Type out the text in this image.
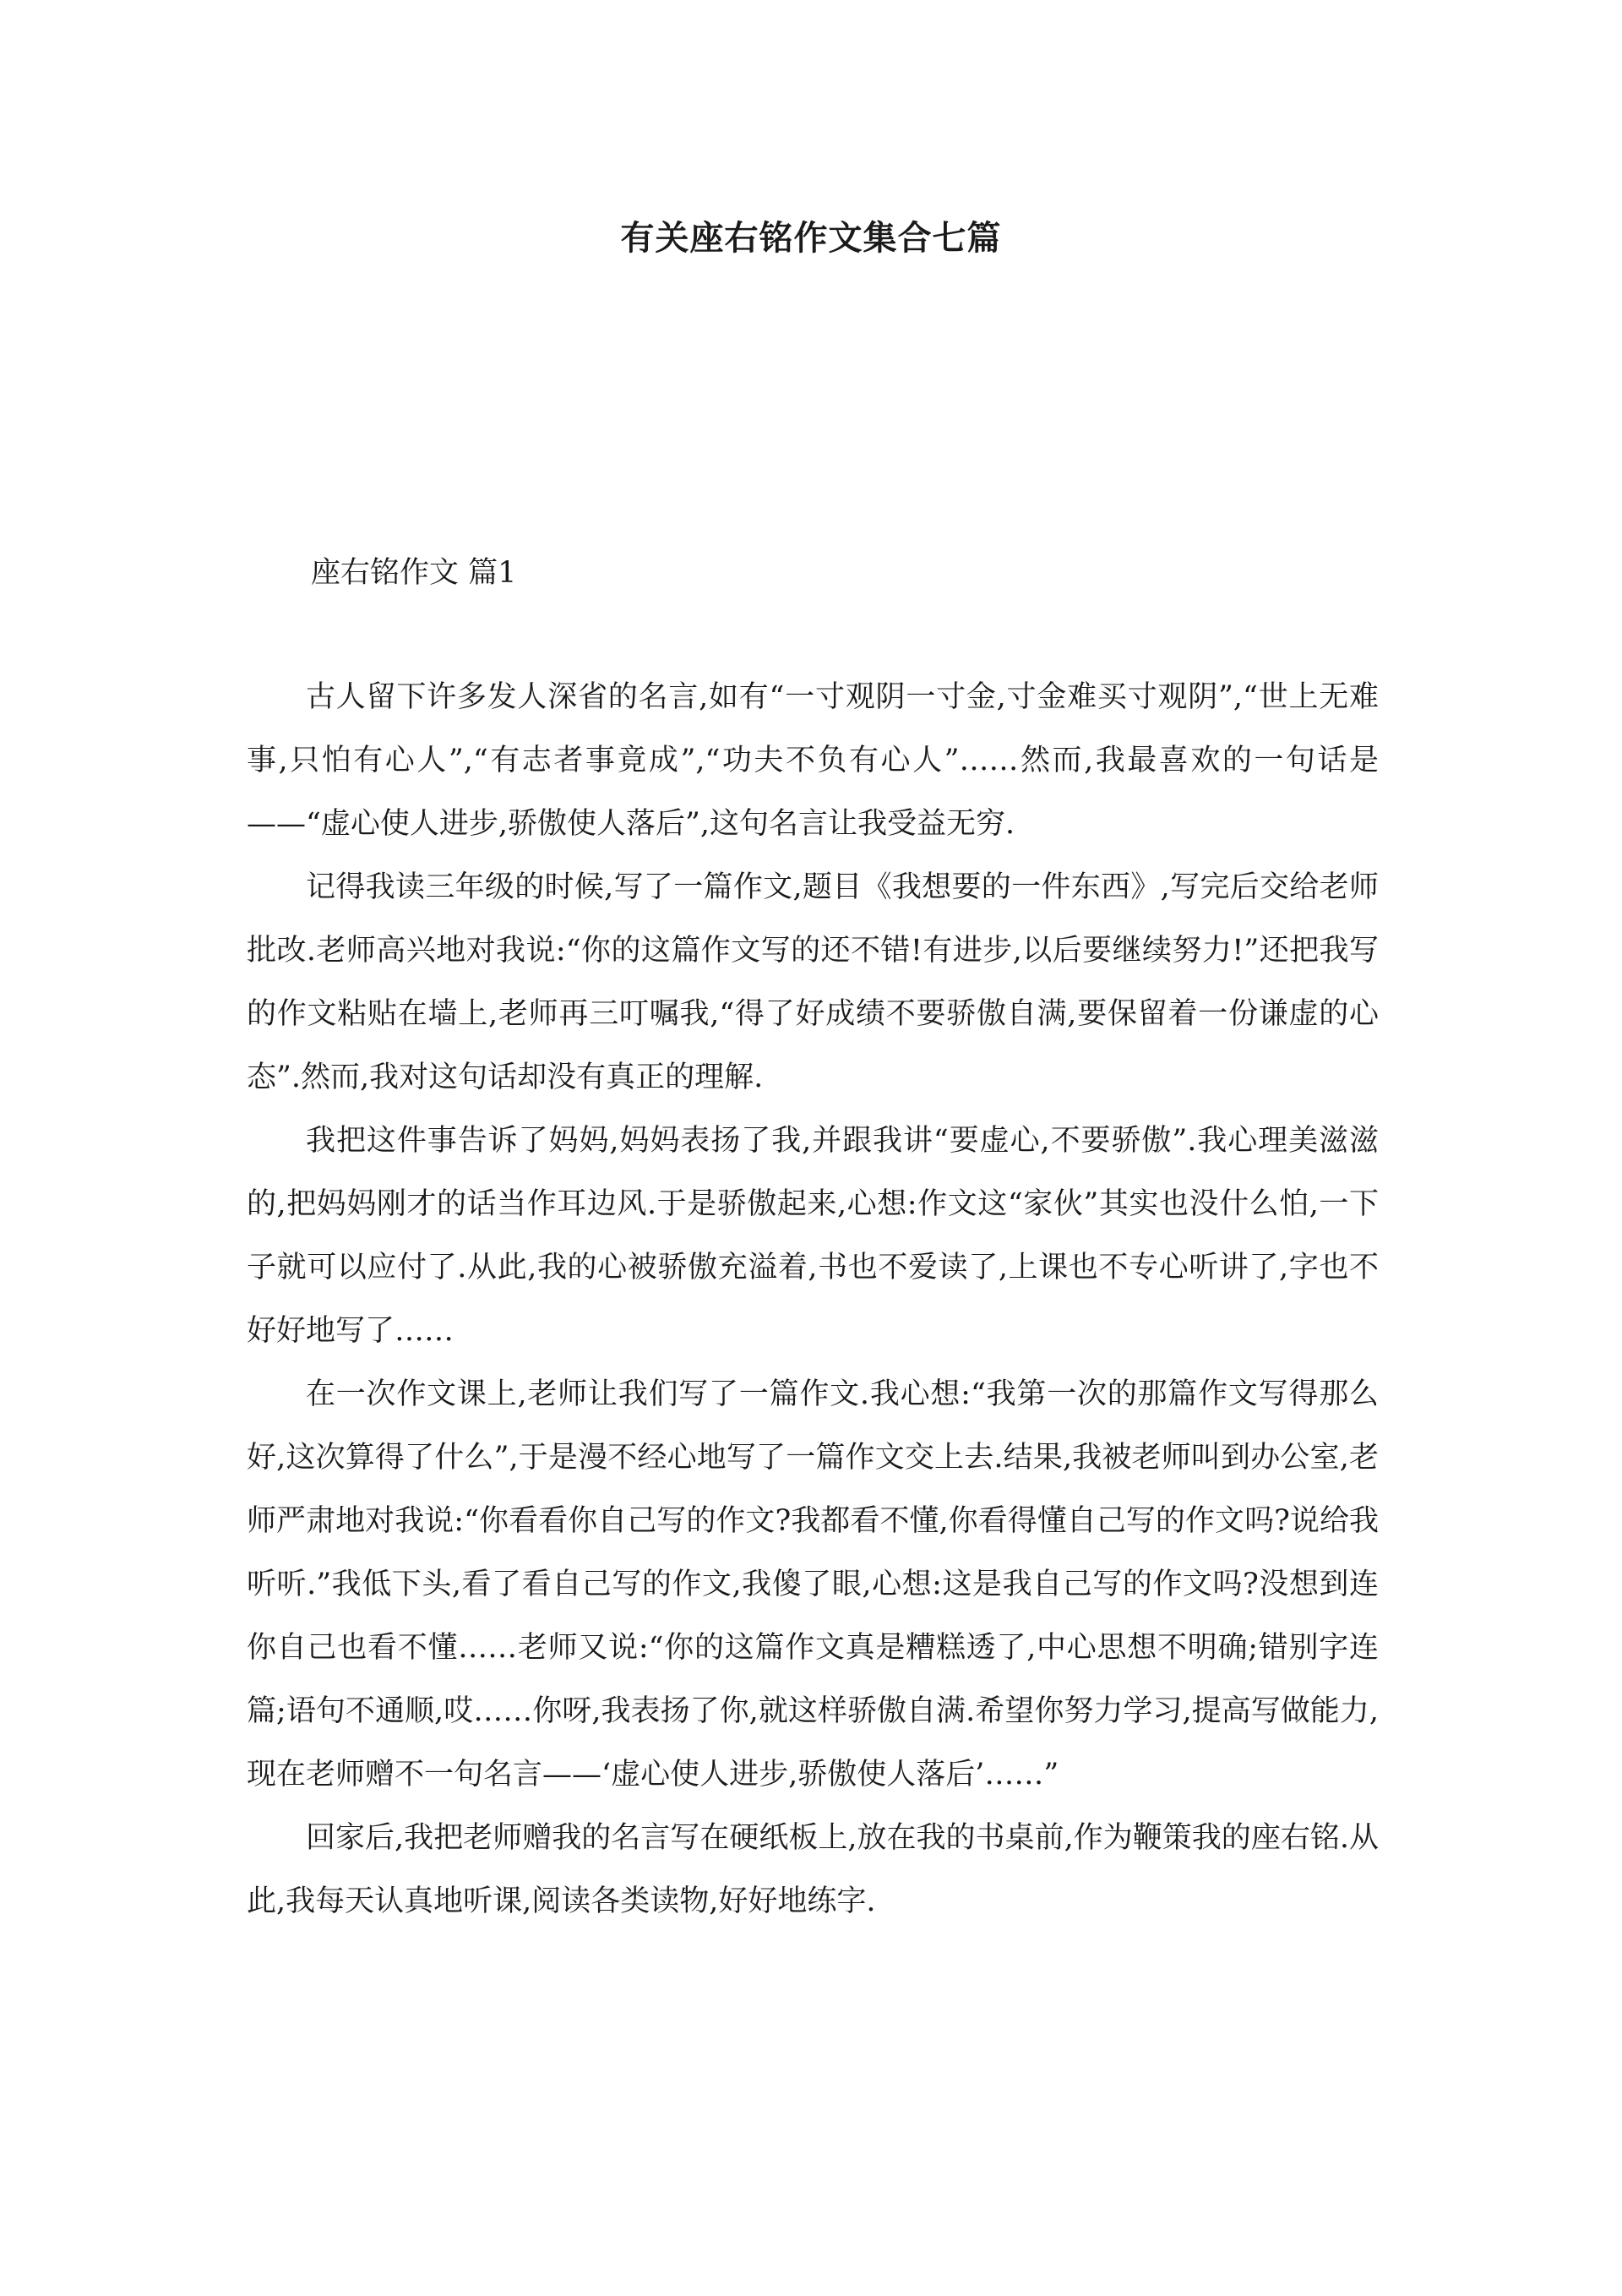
有关座右铭作文集合七篇
座右铭作文 篇1

古人留下许多发人深省的名言,如有“一寸观阴一寸金,寸金难买寸观阴”,“世上无难事,只怕有心人”,“有志者事竟成”,“功夫不负有心人”……然而,我最喜欢的一句话是——“虚心使人进步,骄傲使人落后”,这句名言让我受益无穷.

记得我读三年级的时候,写了一篇作文,题目《我想要的一件东西》,写完后交给老师批改.老师高兴地对我说:“你的这篇作文写的还不错!有进步,以后要继续努力!”还把我写的作文粘贴在墙上,老师再三叮嘱我,“得了好成绩不要骄傲自满,要保留着一份谦虚的心态”.然而,我对这句话却没有真正的理解.

我把这件事告诉了妈妈,妈妈表扬了我,并跟我讲“要虚心,不要骄傲”.我心理美滋滋的,把妈妈刚才的话当作耳边风.于是骄傲起来,心想:作文这“家伙”其实也没什么怕,一下子就可以应付了.从此,我的心被骄傲充溢着,书也不爱读了,上课也不专心听讲了,字也不好好地写了……

在一次作文课上,老师让我们写了一篇作文.我心想:“我第一次的那篇作文写得那么好,这次算得了什么”,于是漫不经心地写了一篇作文交上去.结果,我被老师叫到办公室,老师严肃地对我说:“你看看你自己写的作文?我都看不懂,你看得懂自己写的作文吗?说给我听听.”我低下头,看了看自己写的作文,我傻了眼,心想:这是我自己写的作文吗?没想到连你自己也看不懂……老师又说:“你的这篇作文真是糟糕透了,中心思想不明确;错别字连篇;语句不通顺,哎……你呀,我表扬了你,就这样骄傲自满.希望你努力学习,提高写做能力,现在老师赠不一句名言——‘虚心使人进步,骄傲使人落后’……”

回家后,我把老师赠我的名言写在硬纸板上,放在我的书桌前,作为鞭策我的座右铭.从此,我每天认真地听课,阅读各类读物,好好地练字.
